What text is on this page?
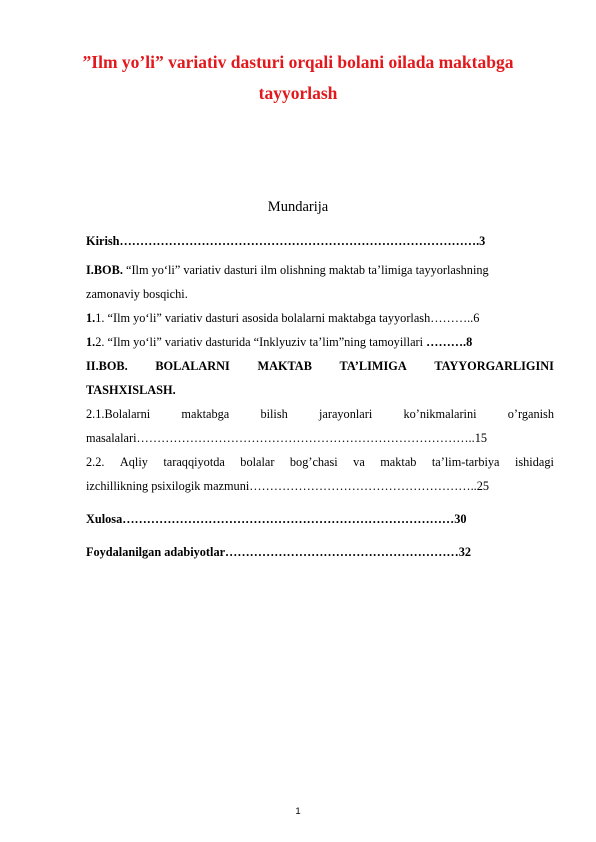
”Ilm yo’li” variativ dasturi orqali bolani oilada maktabga
tayyorlash
Mundarija
Kirish…………………………………………………………………………….3
I.BOB. “Ilm yo‘li” variativ dasturi ilm olishning maktab ta’limiga tayyorlashning
zamonaviy bosqichi.
1.1. “Ilm yo‘li” variativ dasturi asosida bolalarni maktabga tayyorlash………..6
1.2. “Ilm yo‘li” variativ dasturida “Inklyuziv ta’lim”ning tamoyillari ……….8
II.BOB. BOLALARNI MAKTAB TA’LIMIGA TAYYORGARLIGINI
TASHXISLASH.
2.1.Bolalarni	maktabga	bilish	jarayonlari	ko’nikmalarini	o’rganish
masalalari………………………………………………………………………..15
2.2. Aqliy taraqqiyotda bolalar bog’chasi va maktab ta’lim-tarbiya ishidagi
izchillikning psixilogik mazmuni………………………………………………..25
Xulosa………………………………………………………………………30
Foydalanilgan adabiyotlar…………………………………………………32
1
